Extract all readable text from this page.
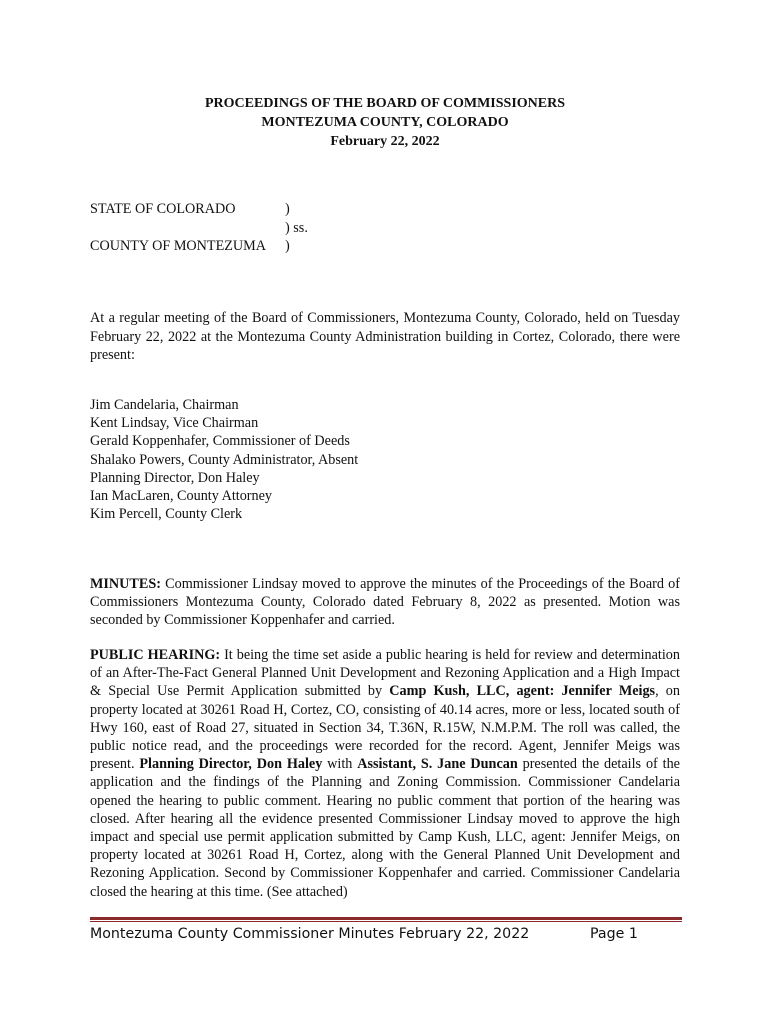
PROCEEDINGS OF THE BOARD OF COMMISSIONERS
MONTEZUMA COUNTY, COLORADO
February 22, 2022
STATE OF COLORADO	)
) ss.
COUNTY OF MONTEZUMA )
At a regular meeting of the Board of Commissioners, Montezuma County, Colorado, held on Tuesday February 22, 2022 at the Montezuma County Administration building in Cortez, Colorado, there were present:
Jim Candelaria, Chairman
Kent Lindsay, Vice Chairman
Gerald Koppenhafer, Commissioner of Deeds
Shalako Powers, County Administrator, Absent
Planning Director, Don Haley
Ian MacLaren, County Attorney
Kim Percell, County Clerk
MINUTES: Commissioner Lindsay moved to approve the minutes of the Proceedings of the Board of Commissioners Montezuma County, Colorado dated February 8, 2022 as presented. Motion was seconded by Commissioner Koppenhafer and carried.
PUBLIC HEARING: It being the time set aside a public hearing is held for review and determination of an After-The-Fact General Planned Unit Development and Rezoning Application and a High Impact & Special Use Permit Application submitted by Camp Kush, LLC, agent: Jennifer Meigs, on property located at 30261 Road H, Cortez, CO, consisting of 40.14 acres, more or less, located south of Hwy 160, east of Road 27, situated in Section 34, T.36N, R.15W, N.M.P.M. The roll was called, the public notice read, and the proceedings were recorded for the record. Agent, Jennifer Meigs was present. Planning Director, Don Haley with Assistant, S. Jane Duncan presented the details of the application and the findings of the Planning and Zoning Commission. Commissioner Candelaria opened the hearing to public comment. Hearing no public comment that portion of the hearing was closed. After hearing all the evidence presented Commissioner Lindsay moved to approve the high impact and special use permit application submitted by Camp Kush, LLC, agent: Jennifer Meigs, on property located at 30261 Road H, Cortez, along with the General Planned Unit Development and Rezoning Application. Second by Commissioner Koppenhafer and carried. Commissioner Candelaria closed the hearing at this time. (See attached)
Montezuma County Commissioner Minutes February 22, 2022	Page 1
